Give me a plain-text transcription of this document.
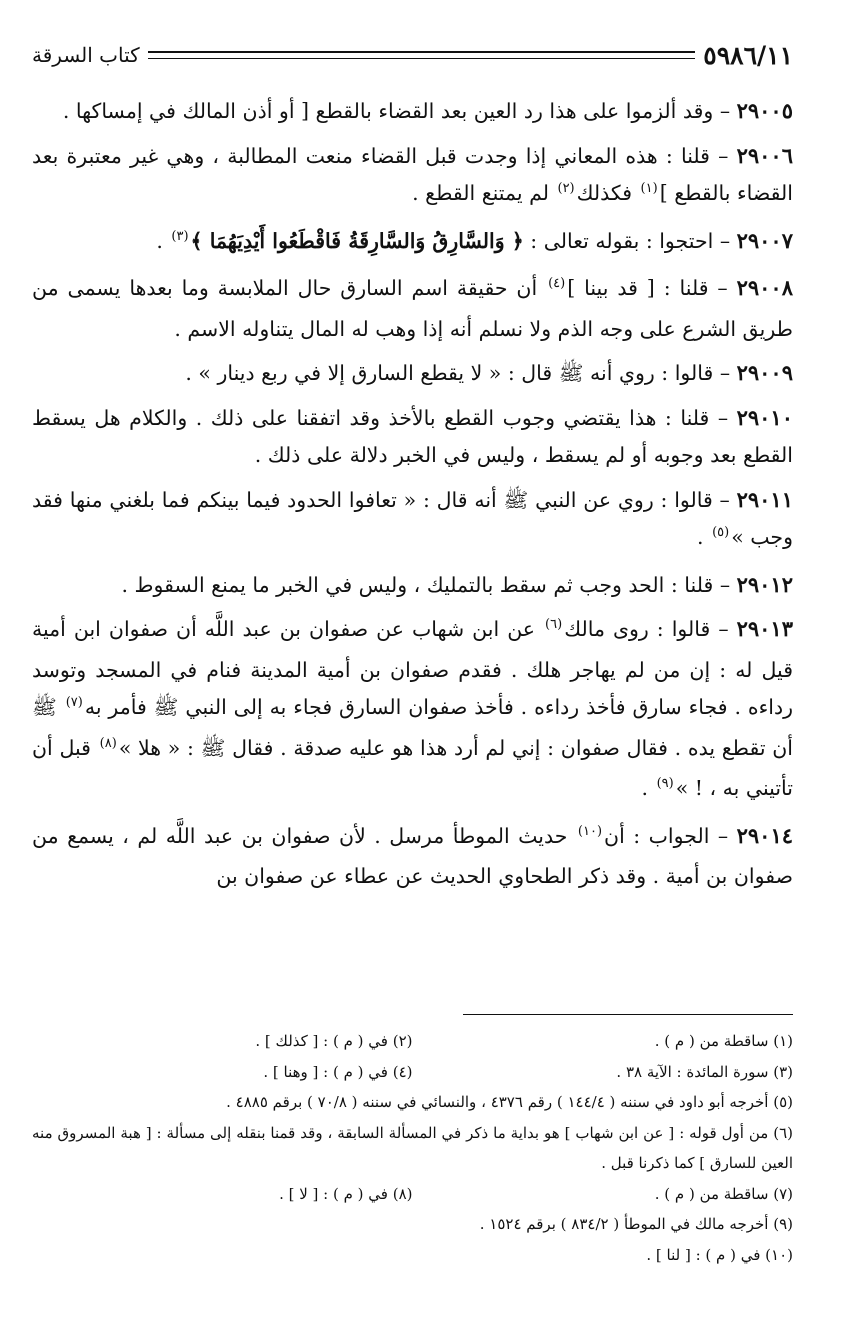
٥٩٨٦/١١
كتاب السرقة

٢٩٠٠٥ – وقد ألزموا على هذا رد العين بعد القضاء بالقطع [ أو أذن المالك في إمساكها .

٢٩٠٠٦ – قلنا : هذه المعاني إذا وجدت قبل القضاء منعت المطالبة ، وهي غير معتبرة بعد القضاء بالقطع ]$^{(١)}$ فكذلك$^{(٢)}$ لم يمتنع القطع .

٢٩٠٠٧ – احتجوا : بقوله تعالى : ﴿ وَالسَّارِقُ وَالسَّارِقَةُ فَاقْطَعُوا أَيْدِيَهُمَا ﴾$^{(٣)}$ .

٢٩٠٠٨ – قلنا : [ قد بينا ]$^{(٤)}$ أن حقيقة اسم السارق حال الملابسة وما بعدها يسمى من طريق الشرع على وجه الذم ولا نسلم أنه إذا وهب له المال يتناوله الاسم .

٢٩٠٠٩ – قالوا : روي أنه ﷺ قال : « لا يقطع السارق إلا في ربع دينار » .

٢٩٠١٠ – قلنا : هذا يقتضي وجوب القطع بالأخذ وقد اتفقنا على ذلك . والكلام هل يسقط القطع بعد وجوبه أو لم يسقط ، وليس في الخبر دلالة على ذلك .

٢٩٠١١ – قالوا : روي عن النبي ﷺ أنه قال : « تعافوا الحدود فيما بينكم فما بلغني منها فقد وجب »$^{(٥)}$ .

٢٩٠١٢ – قلنا : الحد وجب ثم سقط بالتمليك ، وليس في الخبر ما يمنع السقوط .

٢٩٠١٣ – قالوا : روى مالك$^{(٦)}$ عن ابن شهاب عن صفوان بن عبد اللَّه أن صفوان ابن أمية قيل له : إن من لم يهاجر هلك . فقدم صفوان بن أمية المدينة فنام في المسجد وتوسد رداءه . فجاء سارق فأخذ رداءه . فأخذ صفوان السارق فجاء به إلى النبي ﷺ فأمر به$^{(٧)}$ ﷺ أن تقطع يده . فقال صفوان : إني لم أرد هذا هو عليه صدقة . فقال ﷺ : « هلا »$^{(٨)}$ قبل أن تأتيني به ، ! »$^{(٩)}$ .

٢٩٠١٤ – الجواب : أن$^{(١٠)}$ حديث الموطأ مرسل . لأن صفوان بن عبد اللَّه لم ، يسمع من صفوان بن أمية . وقد ذكر الطحاوي الحديث عن عطاء عن صفوان بن

(١) ساقطة من ( م ) .
(٢) في ( م ) : [ كذلك ] .
(٣) سورة المائدة : الآية ٣٨ .
(٤) في ( م ) : [ وهنا ] .
(٥) أخرجه أبو داود في سننه ( ١٤٤/٤ ) رقم ٤٣٧٦ ، والنسائي في سننه ( ٧٠/٨ ) برقم ٤٨٨٥ .
(٦) من أول قوله : [ عن ابن شهاب ] هو بداية ما ذكر في المسألة السابقة ، وقد قمنا بنقله إلى مسألة : [ هبة المسروق منه العين للسارق ] كما ذكرنا قبل .
(٧) ساقطة من ( م ) .
(٨) في ( م ) : [ لا ] .
(٩) أخرجه مالك في الموطأ ( ٨٣٤/٢ ) برقم ١٥٢٤ .
(١٠) في ( م ) : [ لنا ] .
